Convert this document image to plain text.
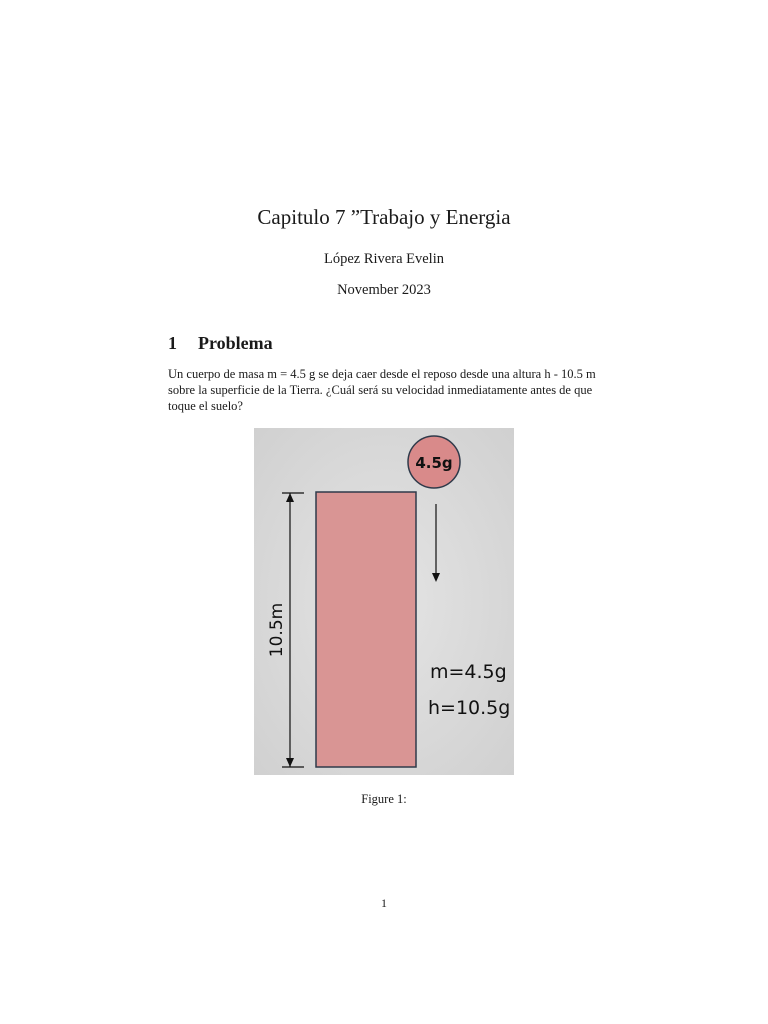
Capitulo 7 ”Trabajo y Energia
López Rivera Evelin
November 2023
1 Problema
Un cuerpo de masa m = 4.5 g se deja caer desde el reposo desde una altura h - 10.5 m sobre la superficie de la Tierra. ¿Cuál será su velocidad inmediatamente antes de que toque el suelo?
10.5m
4.5g
m=4.5g
h=10.5g
Figure 1:
1
